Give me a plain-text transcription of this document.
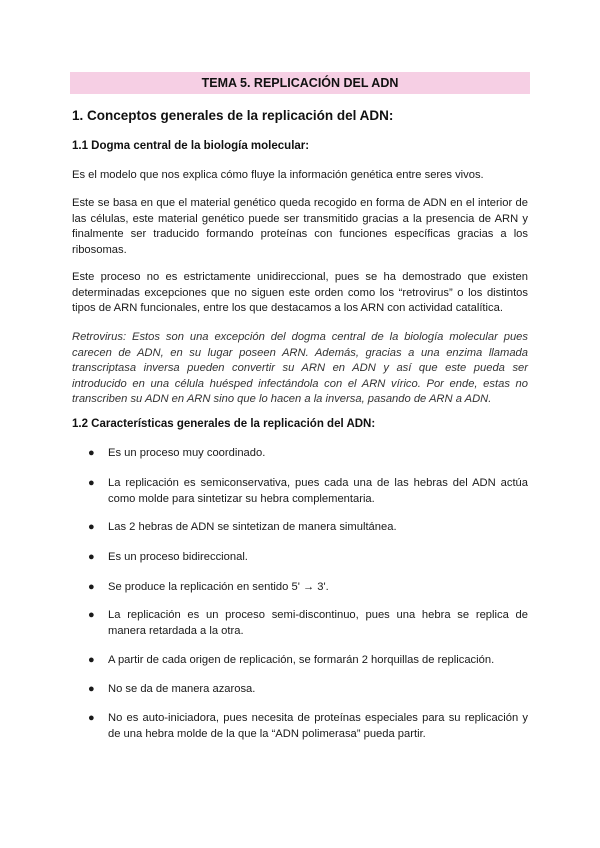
TEMA 5. REPLICACIÓN DEL ADN
1. Conceptos generales de la replicación del ADN:
1.1 Dogma central de la biología molecular:
Es el modelo que nos explica cómo fluye la información genética entre seres vivos.
Este se basa en que el material genético queda recogido en forma de ADN en el interior de las células, este material genético puede ser transmitido gracias a la presencia de ARN y finalmente ser traducido formando proteínas con funciones específicas gracias a los ribosomas.
Este proceso no es estrictamente unidireccional, pues se ha demostrado que existen determinadas excepciones que no siguen este orden como los “retrovirus” o los distintos tipos de ARN funcionales, entre los que destacamos a los ARN con actividad catalítica.
Retrovirus: Estos son una excepción del dogma central de la biología molecular pues carecen de ADN, en su lugar poseen ARN. Además, gracias a una enzima llamada transcriptasa inversa pueden convertir su ARN en ADN y así que este pueda ser introducido en una célula huésped infectándola con el ARN vírico. Por ende, estas no transcriben su ADN en ARN sino que lo hacen a la inversa, pasando de ARN a ADN.
1.2 Características generales de la replicación del ADN:
● Es un proceso muy coordinado.
● La replicación es semiconservativa, pues cada una de las hebras del ADN actúa como molde para sintetizar su hebra complementaria.
● Las 2 hebras de ADN se sintetizan de manera simultánea.
● Es un proceso bidireccional.
● Se produce la replicación en sentido 5' → 3'.
● La replicación es un proceso semi-discontinuo, pues una hebra se replica de manera retardada a la otra.
● A partir de cada origen de replicación, se formarán 2 horquillas de replicación.
● No se da de manera azarosa.
● No es auto-iniciadora, pues necesita de proteínas especiales para su replicación y de una hebra molde de la que la “ADN polimerasa” pueda partir.
